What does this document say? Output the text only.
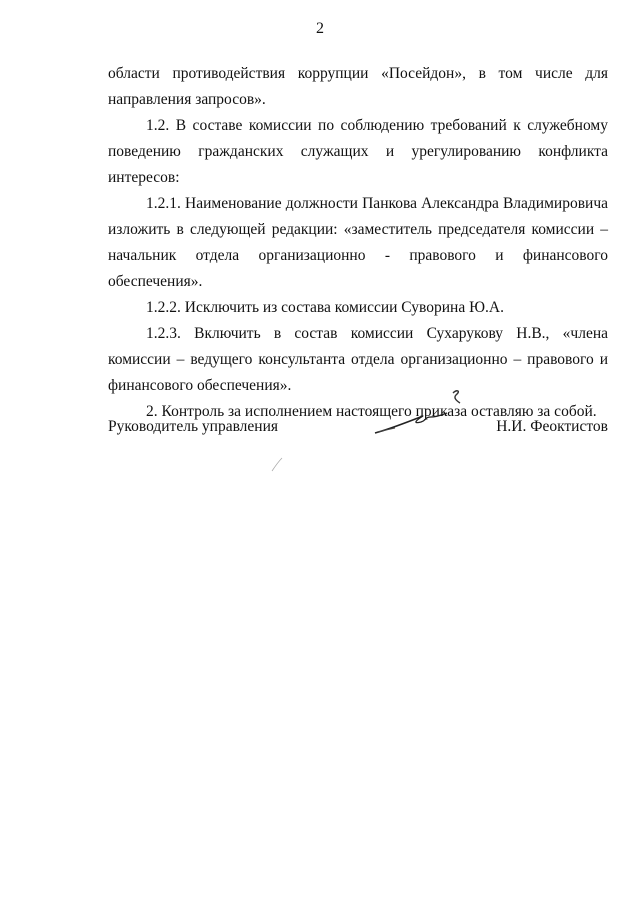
2

области противодействия коррупции «Посейдон», в том числе для направления запросов».

1.2. В составе комиссии по соблюдению требований к служебному поведению гражданских служащих и урегулированию конфликта интересов:

1.2.1. Наименование должности Панкова Александра Владимировича изложить в следующей редакции: «заместитель председателя комиссии – начальник отдела организационно - правового и финансового обеспечения».

1.2.2. Исключить из состава комиссии Суворина Ю.А.

1.2.3. Включить в состав комиссии Сухарукову Н.В., «члена комиссии – ведущего консультанта отдела организационно – правового и финансового обеспечения».

2. Контроль за исполнением настоящего приказа оставляю за собой.

Руководитель управления	Н.И. Феоктистов
